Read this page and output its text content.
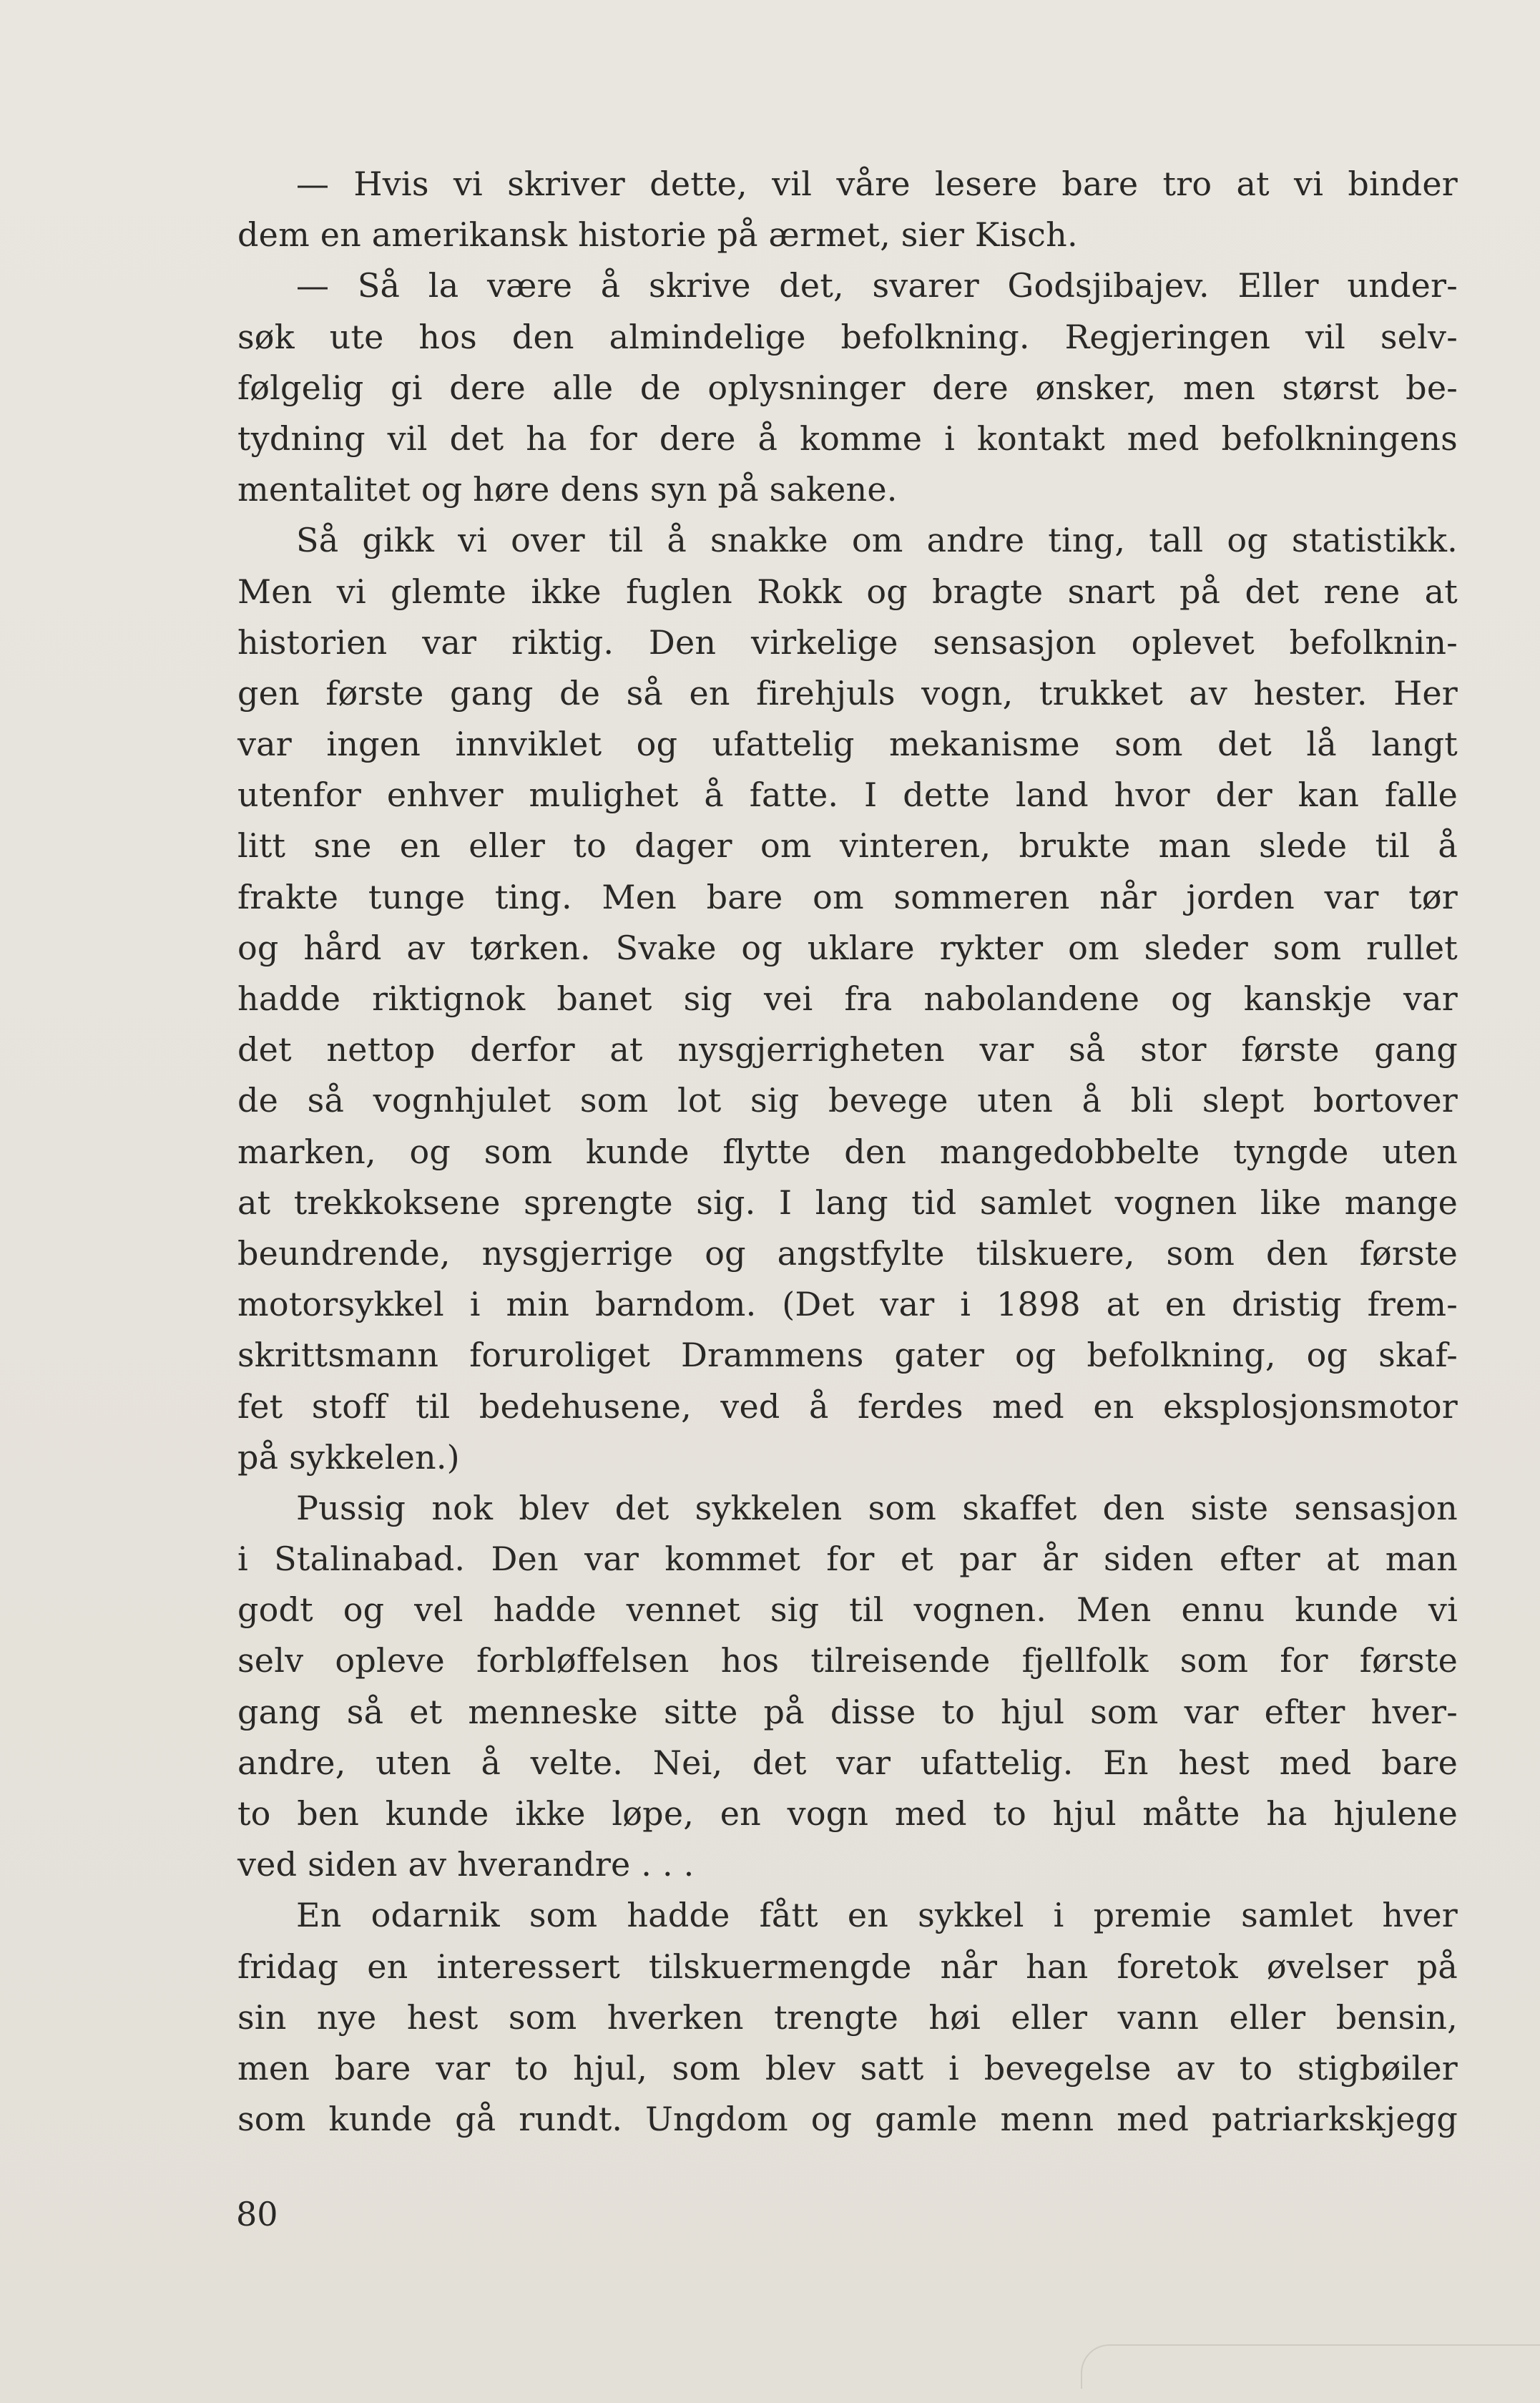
— Hvis vi skriver dette, vil våre lesere bare tro at vi binder
dem en amerikansk historie på ærmet, sier Kisch.
— Så la være å skrive det, svarer Godsjibajev. Eller under-
søk ute hos den almindelige befolkning. Regjeringen vil selv-
følgelig gi dere alle de oplysninger dere ønsker, men størst be-
tydning vil det ha for dere å komme i kontakt med befolkningens
mentalitet og høre dens syn på sakene.
Så gikk vi over til å snakke om andre ting, tall og statistikk.
Men vi glemte ikke fuglen Rokk og bragte snart på det rene at
historien var riktig. Den virkelige sensasjon oplevet befolknin-
gen første gang de så en firehjuls vogn, trukket av hester. Her
var ingen innviklet og ufattelig mekanisme som det lå langt
utenfor enhver mulighet å fatte. I dette land hvor der kan falle
litt sne en eller to dager om vinteren, brukte man slede til å
frakte tunge ting. Men bare om sommeren når jorden var tør
og hård av tørken. Svake og uklare rykter om sleder som rullet
hadde riktignok banet sig vei fra nabolandene og kanskje var
det nettop derfor at nysgjerrigheten var så stor første gang
de så vognhjulet som lot sig bevege uten å bli slept bortover
marken, og som kunde flytte den mangedobbelte tyngde uten
at trekkoksene sprengte sig. I lang tid samlet vognen like mange
beundrende, nysgjerrige og angstfylte tilskuere, som den første
motorsykkel i min barndom. (Det var i 1898 at en dristig frem-
skrittsmann foruroliget Drammens gater og befolkning, og skaf-
fet stoff til bedehusene, ved å ferdes med en eksplosjonsmotor
på sykkelen.)
Pussig nok blev det sykkelen som skaffet den siste sensasjon
i Stalinabad. Den var kommet for et par år siden efter at man
godt og vel hadde vennet sig til vognen. Men ennu kunde vi
selv opleve forbløffelsen hos tilreisende fjellfolk som for første
gang så et menneske sitte på disse to hjul som var efter hver-
andre, uten å velte. Nei, det var ufattelig. En hest med bare
to ben kunde ikke løpe, en vogn med to hjul måtte ha hjulene
ved siden av hverandre . . .
En odarnik som hadde fått en sykkel i premie samlet hver
fridag en interessert tilskuermengde når han foretok øvelser på
sin nye hest som hverken trengte høi eller vann eller bensin,
men bare var to hjul, som blev satt i bevegelse av to stigbøiler
som kunde gå rundt. Ungdom og gamle menn med patriarkskjegg
80
